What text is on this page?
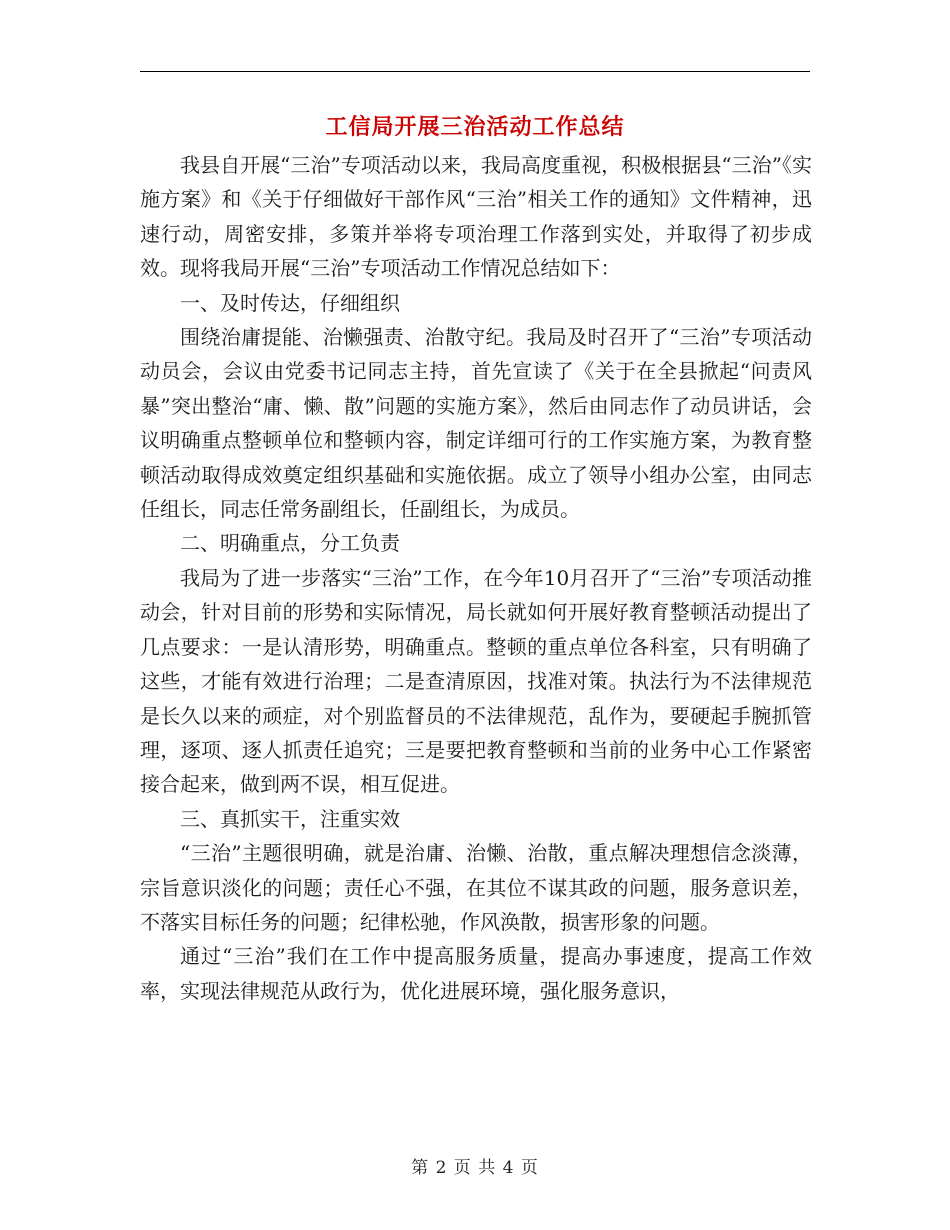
工信局开展三治活动工作总结

我县自开展“三治”专项活动以来，我局高度重视，积极根据县“三治”《实施方案》和《关于仔细做好干部作风“三治”相关工作的通知》文件精神，迅速行动，周密安排，多策并举将专项治理工作落到实处，并取得了初步成效。现将我局开展“三治”专项活动工作情况总结如下：

一、及时传达，仔细组织

围绕治庸提能、治懒强责、治散守纪。我局及时召开了“三治”专项活动动员会，会议由党委书记同志主持，首先宣读了《关于在全县掀起“问责风暴”突出整治“庸、懒、散”问题的实施方案》，然后由同志作了动员讲话，会议明确重点整顿单位和整顿内容，制定详细可行的工作实施方案，为教育整顿活动取得成效奠定组织基础和实施依据。成立了领导小组办公室，由同志任组长，同志任常务副组长，任副组长，为成员。

二、明确重点，分工负责

我局为了进一步落实“三治”工作，在今年10月召开了“三治”专项活动推动会，针对目前的形势和实际情况，局长就如何开展好教育整顿活动提出了几点要求：一是认清形势，明确重点。整顿的重点单位各科室，只有明确了这些，才能有效进行治理；二是查清原因，找准对策。执法行为不法律规范是长久以来的顽症，对个别监督员的不法律规范，乱作为，要硬起手腕抓管理，逐项、逐人抓责任追究；三是要把教育整顿和当前的业务中心工作紧密接合起来，做到两不误，相互促进。

三、真抓实干，注重实效

“三治”主题很明确，就是治庸、治懒、治散，重点解决理想信念淡薄，宗旨意识淡化的问题；责任心不强，在其位不谋其政的问题，服务意识差，不落实目标任务的问题；纪律松驰，作风涣散，损害形象的问题。

通过“三治”我们在工作中提高服务质量，提高办事速度，提高工作效率，实现法律规范从政行为，优化进展环境，强化服务意识，

第 2 页 共 4 页
